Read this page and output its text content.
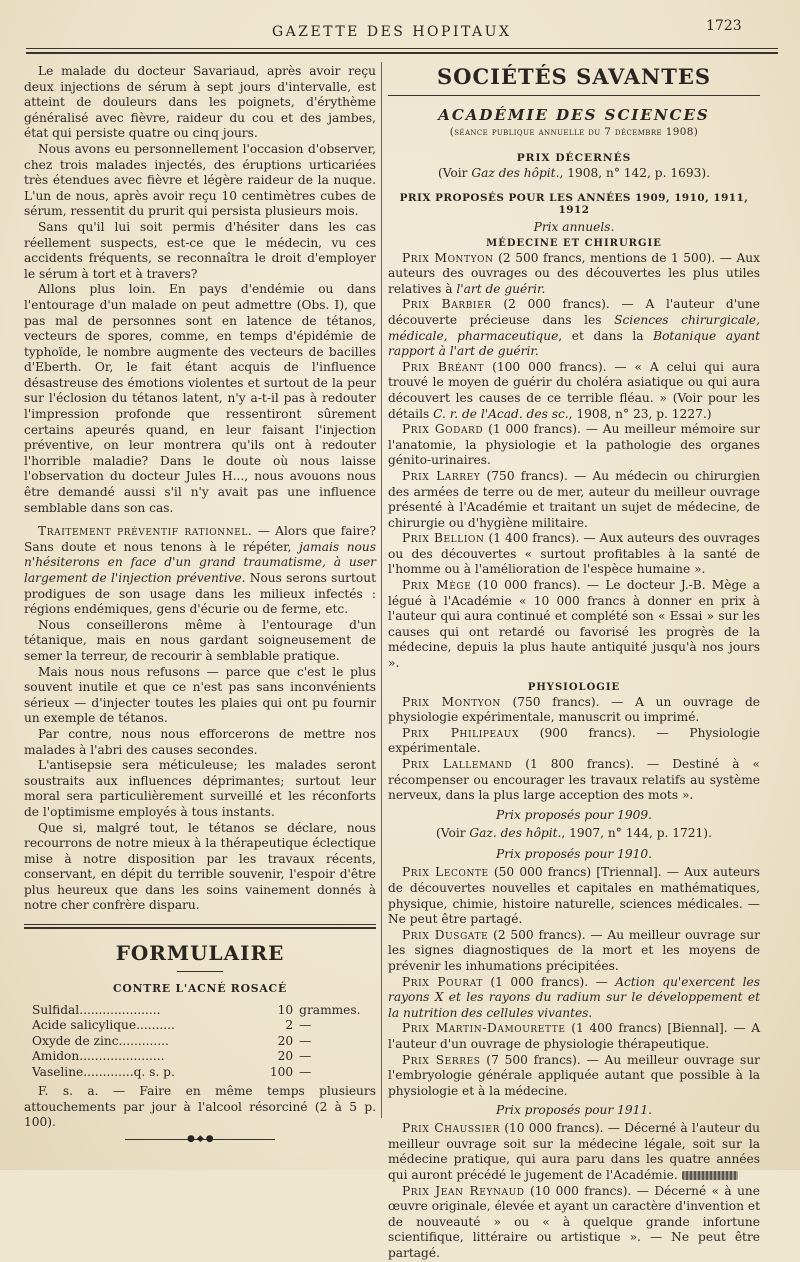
GAZETTE DES HOPITAUX	1723

Le malade du docteur Savariaud, après avoir reçu deux injections de sérum à sept jours d'intervalle, est atteint de douleurs dans les poignets, d'érythème généralisé avec fièvre, raideur du cou et des jambes, état qui persiste quatre ou cinq jours.

Nous avons eu personnellement l'occasion d'observer, chez trois malades injectés, des éruptions urticariées très étendues avec fièvre et légère raideur de la nuque. L'un de nous, après avoir reçu 10 centimètres cubes de sérum, ressentit du prurit qui persista plusieurs mois.

Sans qu'il lui soit permis d'hésiter dans les cas réellement suspects, est-ce que le médecin, vu ces accidents fréquents, se reconnaîtra le droit d'employer le sérum à tort et à travers?

Allons plus loin. En pays d'endémie ou dans l'entourage d'un malade on peut admettre (Obs. I), que pas mal de personnes sont en latence de tétanos, vecteurs de spores, comme, en temps d'épidémie de typhoïde, le nombre augmente des vecteurs de bacilles d'Eberth. Or, le fait étant acquis de l'influence désastreuse des émotions violentes et surtout de la peur sur l'éclosion du tétanos latent, n'y a-t-il pas à redouter l'impression profonde que ressentiront sûrement certains apeurés quand, en leur faisant l'injection préventive, on leur montrera qu'ils ont à redouter l'horrible maladie? Dans le doute où nous laisse l'observation du docteur Jules H..., nous avouons nous être demandé aussi s'il n'y avait pas une influence semblable dans son cas.

Traitement préventif rationnel. — Alors que faire? Sans doute et nous tenons à le répéter, jamais nous n'hésiterons en face d'un grand traumatisme, à user largement de l'injection préventive. Nous serons surtout prodigues de son usage dans les milieux infectés : régions endémiques, gens d'écurie ou de ferme, etc.

Nous conseillerons même à l'entourage d'un tétanique, mais en nous gardant soigneusement de semer la terreur, de recourir à semblable pratique.

Mais nous nous refusons — parce que c'est le plus souvent inutile et que ce n'est pas sans inconvénients sérieux — d'injecter toutes les plaies qui ont pu fournir un exemple de tétanos.

Par contre, nous nous efforcerons de mettre nos malades à l'abri des causes secondes.

L'antisepsie sera méticuleuse; les malades seront soustraits aux influences déprimantes; surtout leur moral sera particulièrement surveillé et les réconforts de l'optimisme employés à tous instants.

Que si, malgré tout, le tétanos se déclare, nous recourrons de notre mieux à la thérapeutique éclectique mise à notre disposition par les travaux récents, conservant, en dépit du terrible souvenir, l'espoir d'être plus heureux que dans les soins vainement donnés à notre cher confrère disparu.

FORMULAIRE
CONTRE L'ACNÉ ROSACÉ
Sulfidal.....................	10 grammes.
Acide salicylique..........	2 —
Oxyde de zinc.............	20 —
Amidon......................	20 —
Vaseline.............q. s. p.	100 —

F. s. a. — Faire en même temps plusieurs attouchements par jour à l'alcool résorciné (2 à 5 p. 100).

●◆●
SOCIÉTÉS SAVANTES
ACADÉMIE DES SCIENCES
(séance publique annuelle du 7 décembre 1908)
PRIX DÉCERNÉS

(Voir Gaz des hôpit., 1908, n° 142, p. 1693).

PRIX PROPOSÉS POUR LES ANNÉES 1909, 1910, 1911, 1912
Prix annuels.
MÉDECINE ET CHIRURGIE

Prix Montyon (2 500 francs, mentions de 1 500). — Aux auteurs des ouvrages ou des découvertes les plus utiles relatives à l'art de guérir.

Prix Barbier (2 000 francs). — A l'auteur d'une découverte précieuse dans les Sciences chirurgicale, médicale, pharmaceutique, et dans la Botanique ayant rapport à l'art de guérir.

Prix Bréant (100 000 francs). — « A celui qui aura trouvé le moyen de guérir du choléra asiatique ou qui aura découvert les causes de ce terrible fléau. » (Voir pour les détails C. r. de l'Acad. des sc., 1908, n° 23, p. 1227.)

Prix Godard (1 000 francs). — Au meilleur mémoire sur l'anatomie, la physiologie et la pathologie des organes génito-urinaires.

Prix Larrey (750 francs). — Au médecin ou chirurgien des armées de terre ou de mer, auteur du meilleur ouvrage présenté à l'Académie et traitant un sujet de médecine, de chirurgie ou d'hygiène militaire.

Prix Bellion (1 400 francs). — Aux auteurs des ouvrages ou des découvertes « surtout profitables à la santé de l'homme ou à l'amélioration de l'espèce humaine ».

Prix Mège (10 000 francs). — Le docteur J.-B. Mège a légué à l'Académie « 10 000 francs à donner en prix à l'auteur qui aura continué et complété son « Essai » sur les causes qui ont retardé ou favorisé les progrès de la médecine, depuis la plus haute antiquité jusqu'à nos jours ».

PHYSIOLOGIE

Prix Montyon (750 francs). — A un ouvrage de physiologie expérimentale, manuscrit ou imprimé.

Prix Philipeaux (900 francs). — Physiologie expérimentale.

Prix Lallemand (1 800 francs). — Destiné à « récompenser ou encourager les travaux relatifs au système nerveux, dans la plus large acception des mots ».

Prix proposés pour 1909.

(Voir Gaz. des hôpit., 1907, n° 144, p. 1721).

Prix proposés pour 1910.

Prix Leconte (50 000 francs) [Triennal]. — Aux auteurs de découvertes nouvelles et capitales en mathématiques, physique, chimie, histoire naturelle, sciences médicales. — Ne peut être partagé.

Prix Dusgate (2 500 francs). — Au meilleur ouvrage sur les signes diagnostiques de la mort et les moyens de prévenir les inhumations précipitées.

Prix Pourat (1 000 francs). — Action qu'exercent les rayons X et les rayons du radium sur le développement et la nutrition des cellules vivantes.

Prix Martin-Damourette (1 400 francs) [Biennal]. — A l'auteur d'un ouvrage de physiologie thérapeutique.

Prix Serres (7 500 francs). — Au meilleur ouvrage sur l'embryologie générale appliquée autant que possible à la physiologie et à la médecine.

Prix proposés pour 1911.

Prix Chaussier (10 000 francs). — Décerné à l'auteur du meilleur ouvrage soit sur la médecine légale, soit sur la médecine pratique, qui aura paru dans les quatre années qui auront précédé le jugement de l'Académie.

Prix Jean Reynaud (10 000 francs). — Décerné « à une œuvre originale, élevée et ayant un caractère d'invention et de nouveauté » ou « à quelque grande infortune scientifique, littéraire ou artistique ». — Ne peut être partagé.
